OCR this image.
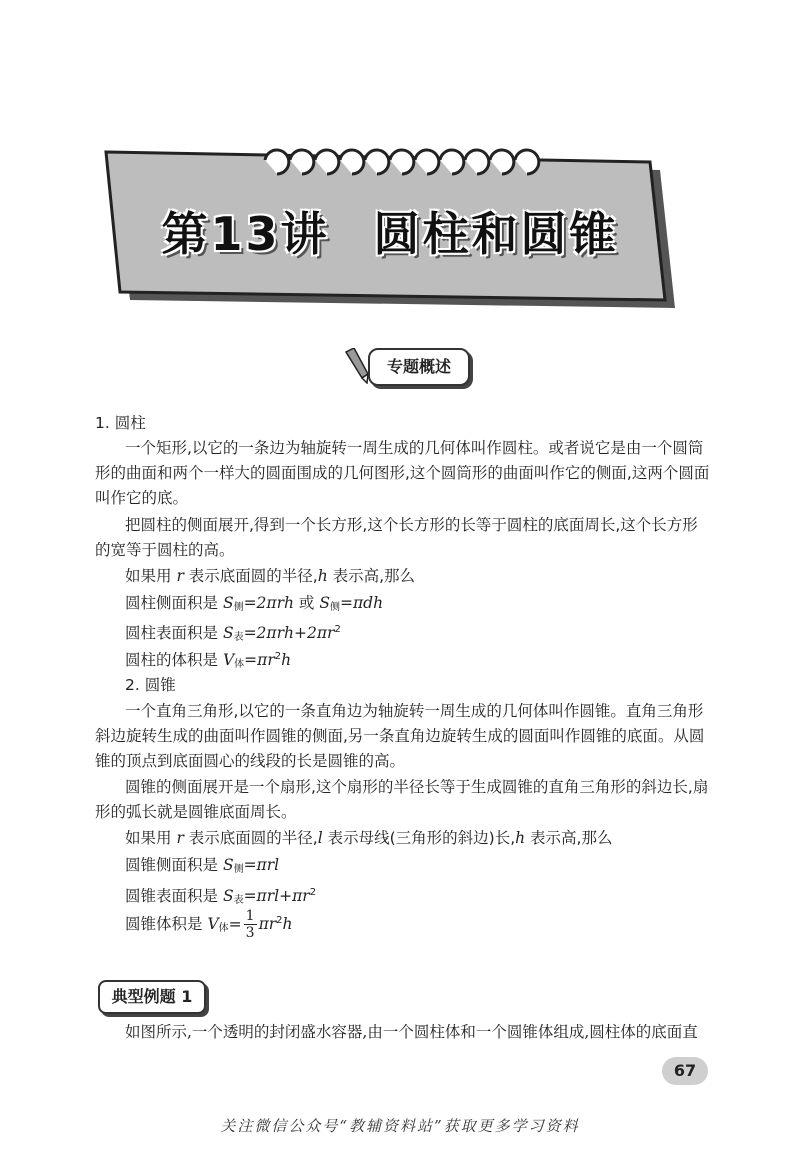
第13讲 圆柱和圆锥
专题概述
1. 圆柱
一个矩形,以它的一条边为轴旋转一周生成的几何体叫作圆柱。或者说它是由一个圆筒
形的曲面和两个一样大的圆面围成的几何图形,这个圆筒形的曲面叫作它的侧面,这两个圆面
叫作它的底。
把圆柱的侧面展开,得到一个长方形,这个长方形的长等于圆柱的底面周长,这个长方形
的宽等于圆柱的高。
如果用 r 表示底面圆的半径,h 表示高,那么
圆柱侧面积是 $S_侧=2\pi rh$ 或 $S_侧=\pi dh$
圆柱表面积是 $S_表=2\pi rh+2\pi r^2$
圆柱的体积是 $V_体=\pi r^2h$
2. 圆锥
一个直角三角形,以它的一条直角边为轴旋转一周生成的几何体叫作圆锥。直角三角形
斜边旋转生成的曲面叫作圆锥的侧面,另一条直角边旋转生成的圆面叫作圆锥的底面。从圆
锥的顶点到底面圆心的线段的长是圆锥的高。
圆锥的侧面展开是一个扇形,这个扇形的半径长等于生成圆锥的直角三角形的斜边长,扇
形的弧长就是圆锥底面周长。
如果用 r 表示底面圆的半径,l 表示母线(三角形的斜边)长,h 表示高,那么
圆锥侧面积是 $S_侧=\pi rl$
圆锥表面积是 $S_表=\pi rl+\pi r^2$
圆锥体积是 $V_体= \frac{1}{3} \pi r^2h$
典型例题 1
如图所示,一个透明的封闭盛水容器,由一个圆柱体和一个圆锥体组成,圆柱体的底面直
67
关注微信公众号“教辅资料站”获取更多学习资料
